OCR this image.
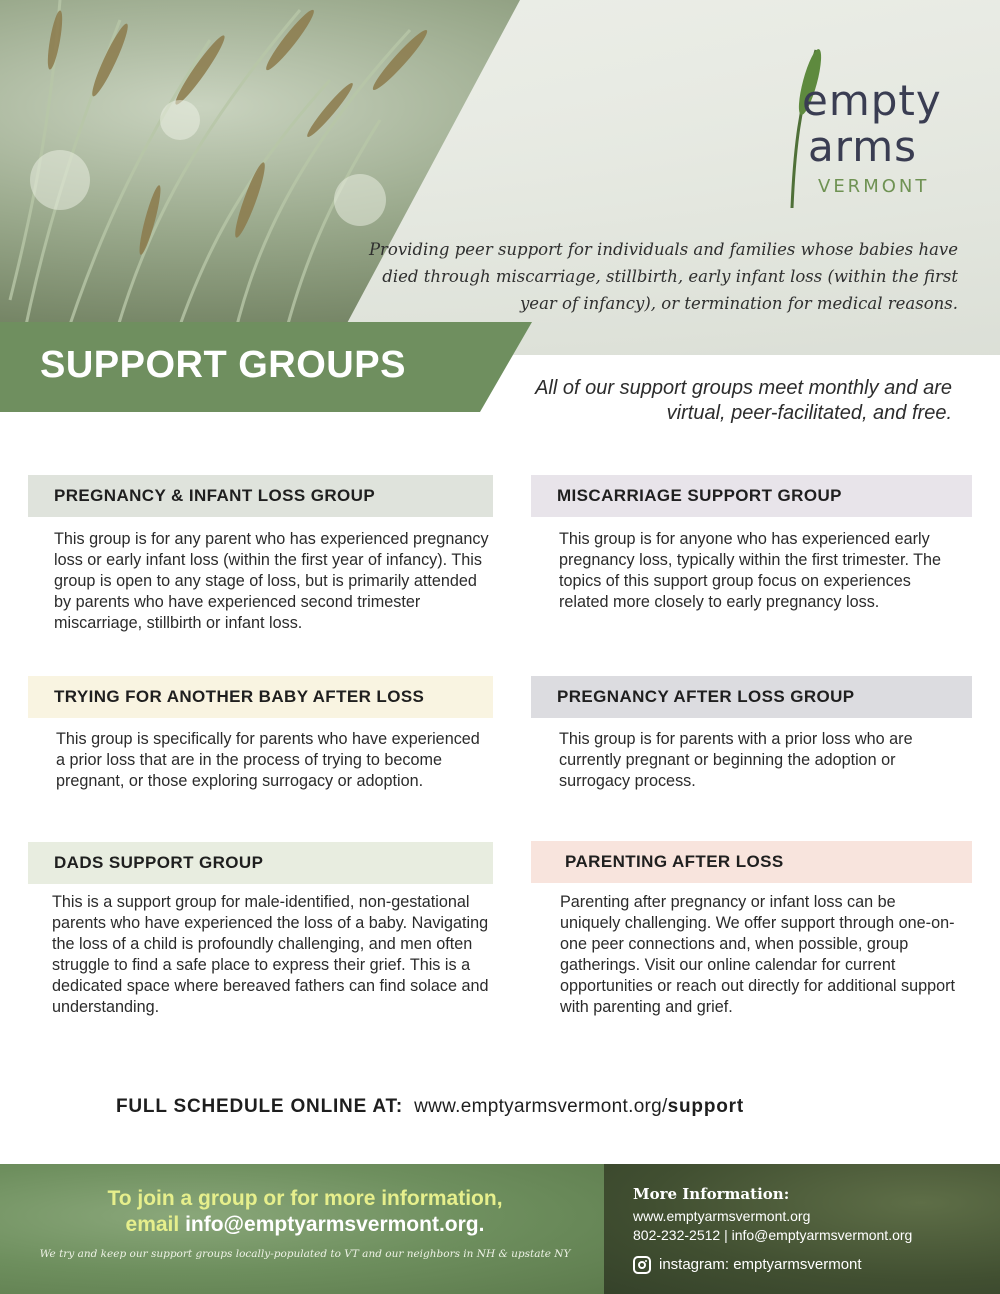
empty
arms
VERMONT
Providing peer support for individuals and families whose babies have died through miscarriage, stillbirth, early infant loss (within the first year of infancy), or termination for medical reasons.
SUPPORT GROUPS
All of our support groups meet monthly and are virtual, peer-facilitated, and free.
PREGNANCY & INFANT LOSS GROUP
This group is for any parent who has experienced pregnancy loss or early infant loss (within the first year of infancy). This group is open to any stage of loss, but is primarily attended by parents who have experienced second trimester miscarriage, stillbirth or infant loss.
MISCARRIAGE SUPPORT GROUP
This group is for anyone who has experienced early pregnancy loss, typically within the first trimester. The topics of this support group focus on experiences related more closely to early pregnancy loss.
TRYING FOR ANOTHER BABY AFTER LOSS
This group is specifically for parents who have experienced a prior loss that are in the process of trying to become pregnant, or those exploring surrogacy or adoption.
PREGNANCY AFTER LOSS GROUP
This group is for parents with a prior loss who are currently pregnant or beginning the adoption or surrogacy process.
DADS SUPPORT GROUP
This is a support group for male-identified, non-gestational parents who have experienced the loss of a baby. Navigating the loss of a child is profoundly challenging, and men often struggle to find a safe place to express their grief. This is a dedicated space where bereaved fathers can find solace and understanding.
PARENTING AFTER LOSS
Parenting after pregnancy or infant loss can be uniquely challenging. We offer support through one-on-one peer connections and, when possible, group gatherings. Visit our online calendar for current opportunities or reach out directly for additional support with parenting and grief.
FULL SCHEDULE ONLINE AT: www.emptyarmsvermont.org/support
To join a group or for more information,
email info@emptyarmsvermont.org.
We try and keep our support groups locally-populated to VT and our neighbors in NH & upstate NY
More Information:
www.emptyarmsvermont.org
802-232-2512 | info@emptyarmsvermont.org
instagram: emptyarmsvermont
